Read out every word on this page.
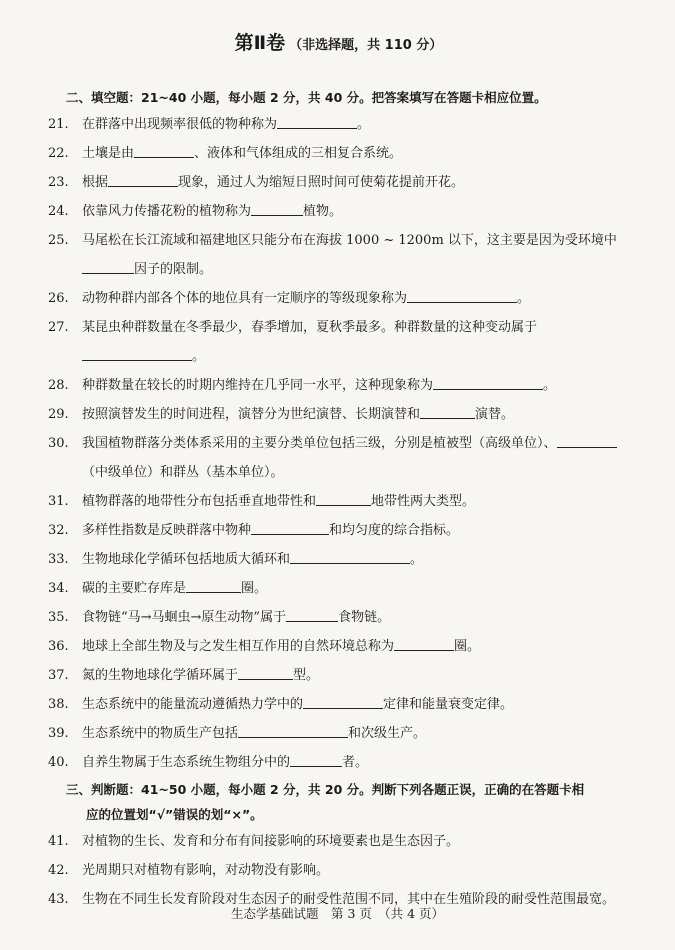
第Ⅱ卷 （非选择题，共 110 分）
二、填空题：21~40 小题，每小题 2 分，共 40 分。把答案填写在答题卡相应位置。
21.	在群落中出现频率很低的物种称为	。
22.	土壤是由	、液体和气体组成的三相复合系统。
23.	根据	现象，通过人为缩短日照时间可使菊花提前开花。
24.	依靠风力传播花粉的植物称为	植物。
25.	马尾松在长江流域和福建地区只能分布在海拔 1000 ~ 1200m 以下，这主要是因为受环境中因子的限制。
26.	动物种群内部各个体的地位具有一定顺序的等级现象称为	。
27.	某昆虫种群数量在冬季最少，春季增加，夏秋季最多。种群数量的这种变动属于。
28.	种群数量在较长的时期内维持在几乎同一水平，这种现象称为	。
29.	按照演替发生的时间进程，演替分为世纪演替、长期演替和	演替。
30.	我国植物群落分类体系采用的主要分类单位包括三级，分别是植被型（高级单位）、（中级单位）和群丛（基本单位）。
31.	植物群落的地带性分布包括垂直地带性和	地带性两大类型。
32.	多样性指数是反映群落中物种	和均匀度的综合指标。
33.	生物地球化学循环包括地质大循环和	。
34.	碳的主要贮存库是	圈。
35.	食物链“马→马蛔虫→原生动物”属于	食物链。
36.	地球上全部生物及与之发生相互作用的自然环境总称为	圈。
37.	氮的生物地球化学循环属于	型。
38.	生态系统中的能量流动遵循热力学中的	定律和能量衰变定律。
39.	生态系统中的物质生产包括	和次级生产。
40.	自养生物属于生态系统生物组分中的	者。
三、判断题：41~50 小题，每小题 2 分，共 20 分。判断下列各题正误，正确的在答题卡相
应的位置划“√”错误的划“×”。
41.	对植物的生长、发育和分布有间接影响的环境要素也是生态因子。
42.	光周期只对植物有影响，对动物没有影响。
43.	生物在不同生长发育阶段对生态因子的耐受性范围不同，其中在生殖阶段的耐受性范围最宽。
生态学基础试题　第 3 页　（共 4 页）
